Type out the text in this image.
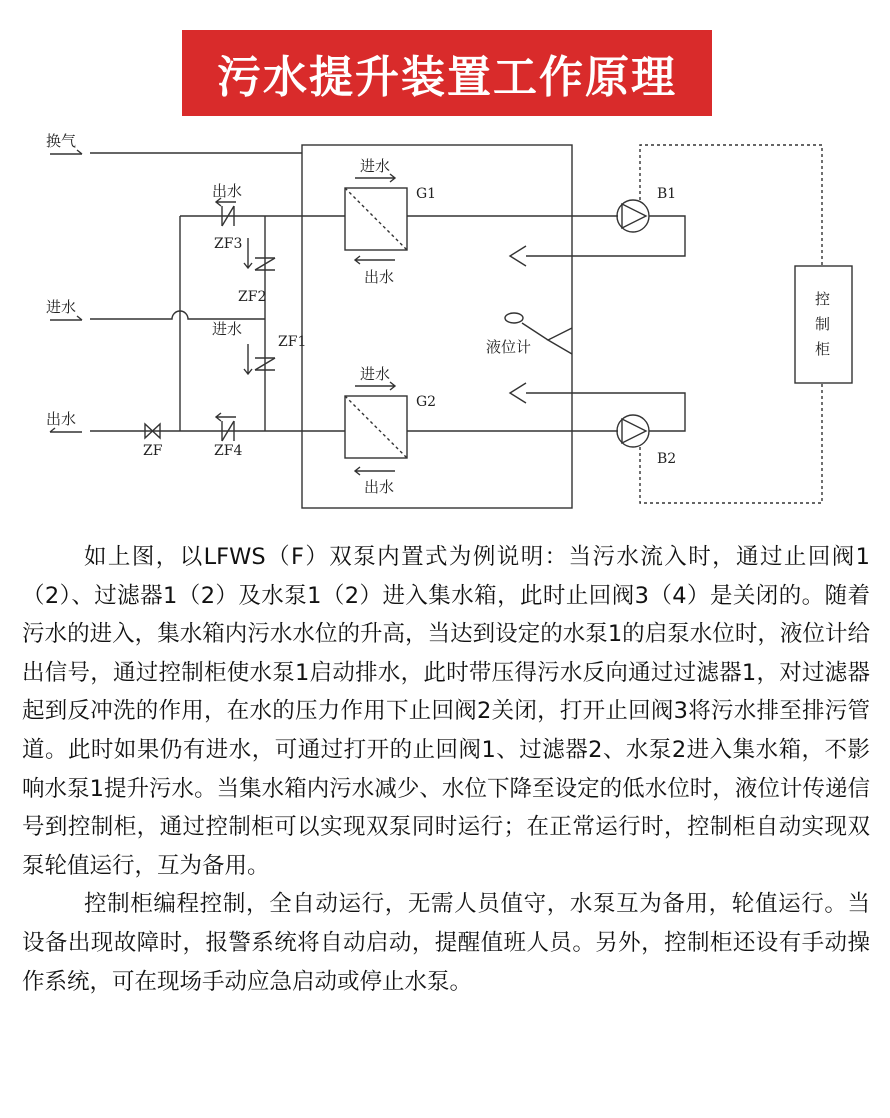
污水提升装置工作原理
换气
进水
出水
出水
ZF3
ZF2
进水
ZF1
ZF	ZF4
进水
G1
出水
进水
G2
出水
B1
B2
液位计
控
制
柜

如上图，以LFWS（F）双泵内置式为例说明：当污水流入时，通过止回阀1（2）、过滤器1（2）及水泵1（2）进入集水箱，此时止回阀3（4）是关闭的。随着污水的进入，集水箱内污水水位的升高，当达到设定的水泵1的启泵水位时，液位计给出信号，通过控制柜使水泵1启动排水，此时带压得污水反向通过过滤器1，对过滤器起到反冲洗的作用，在水的压力作用下止回阀2关闭，打开止回阀3将污水排至排污管道。此时如果仍有进水，可通过打开的止回阀1、过滤器2、水泵2进入集水箱，不影响水泵1提升污水。当集水箱内污水减少、水位下降至设定的低水位时，液位计传递信号到控制柜，通过控制柜可以实现双泵同时运行；在正常运行时，控制柜自动实现双泵轮值运行，互为备用。

控制柜编程控制，全自动运行，无需人员值守，水泵互为备用，轮值运行。当设备出现故障时，报警系统将自动启动，提醒值班人员。另外，控制柜还设有手动操作系统，可在现场手动应急启动或停止水泵。
